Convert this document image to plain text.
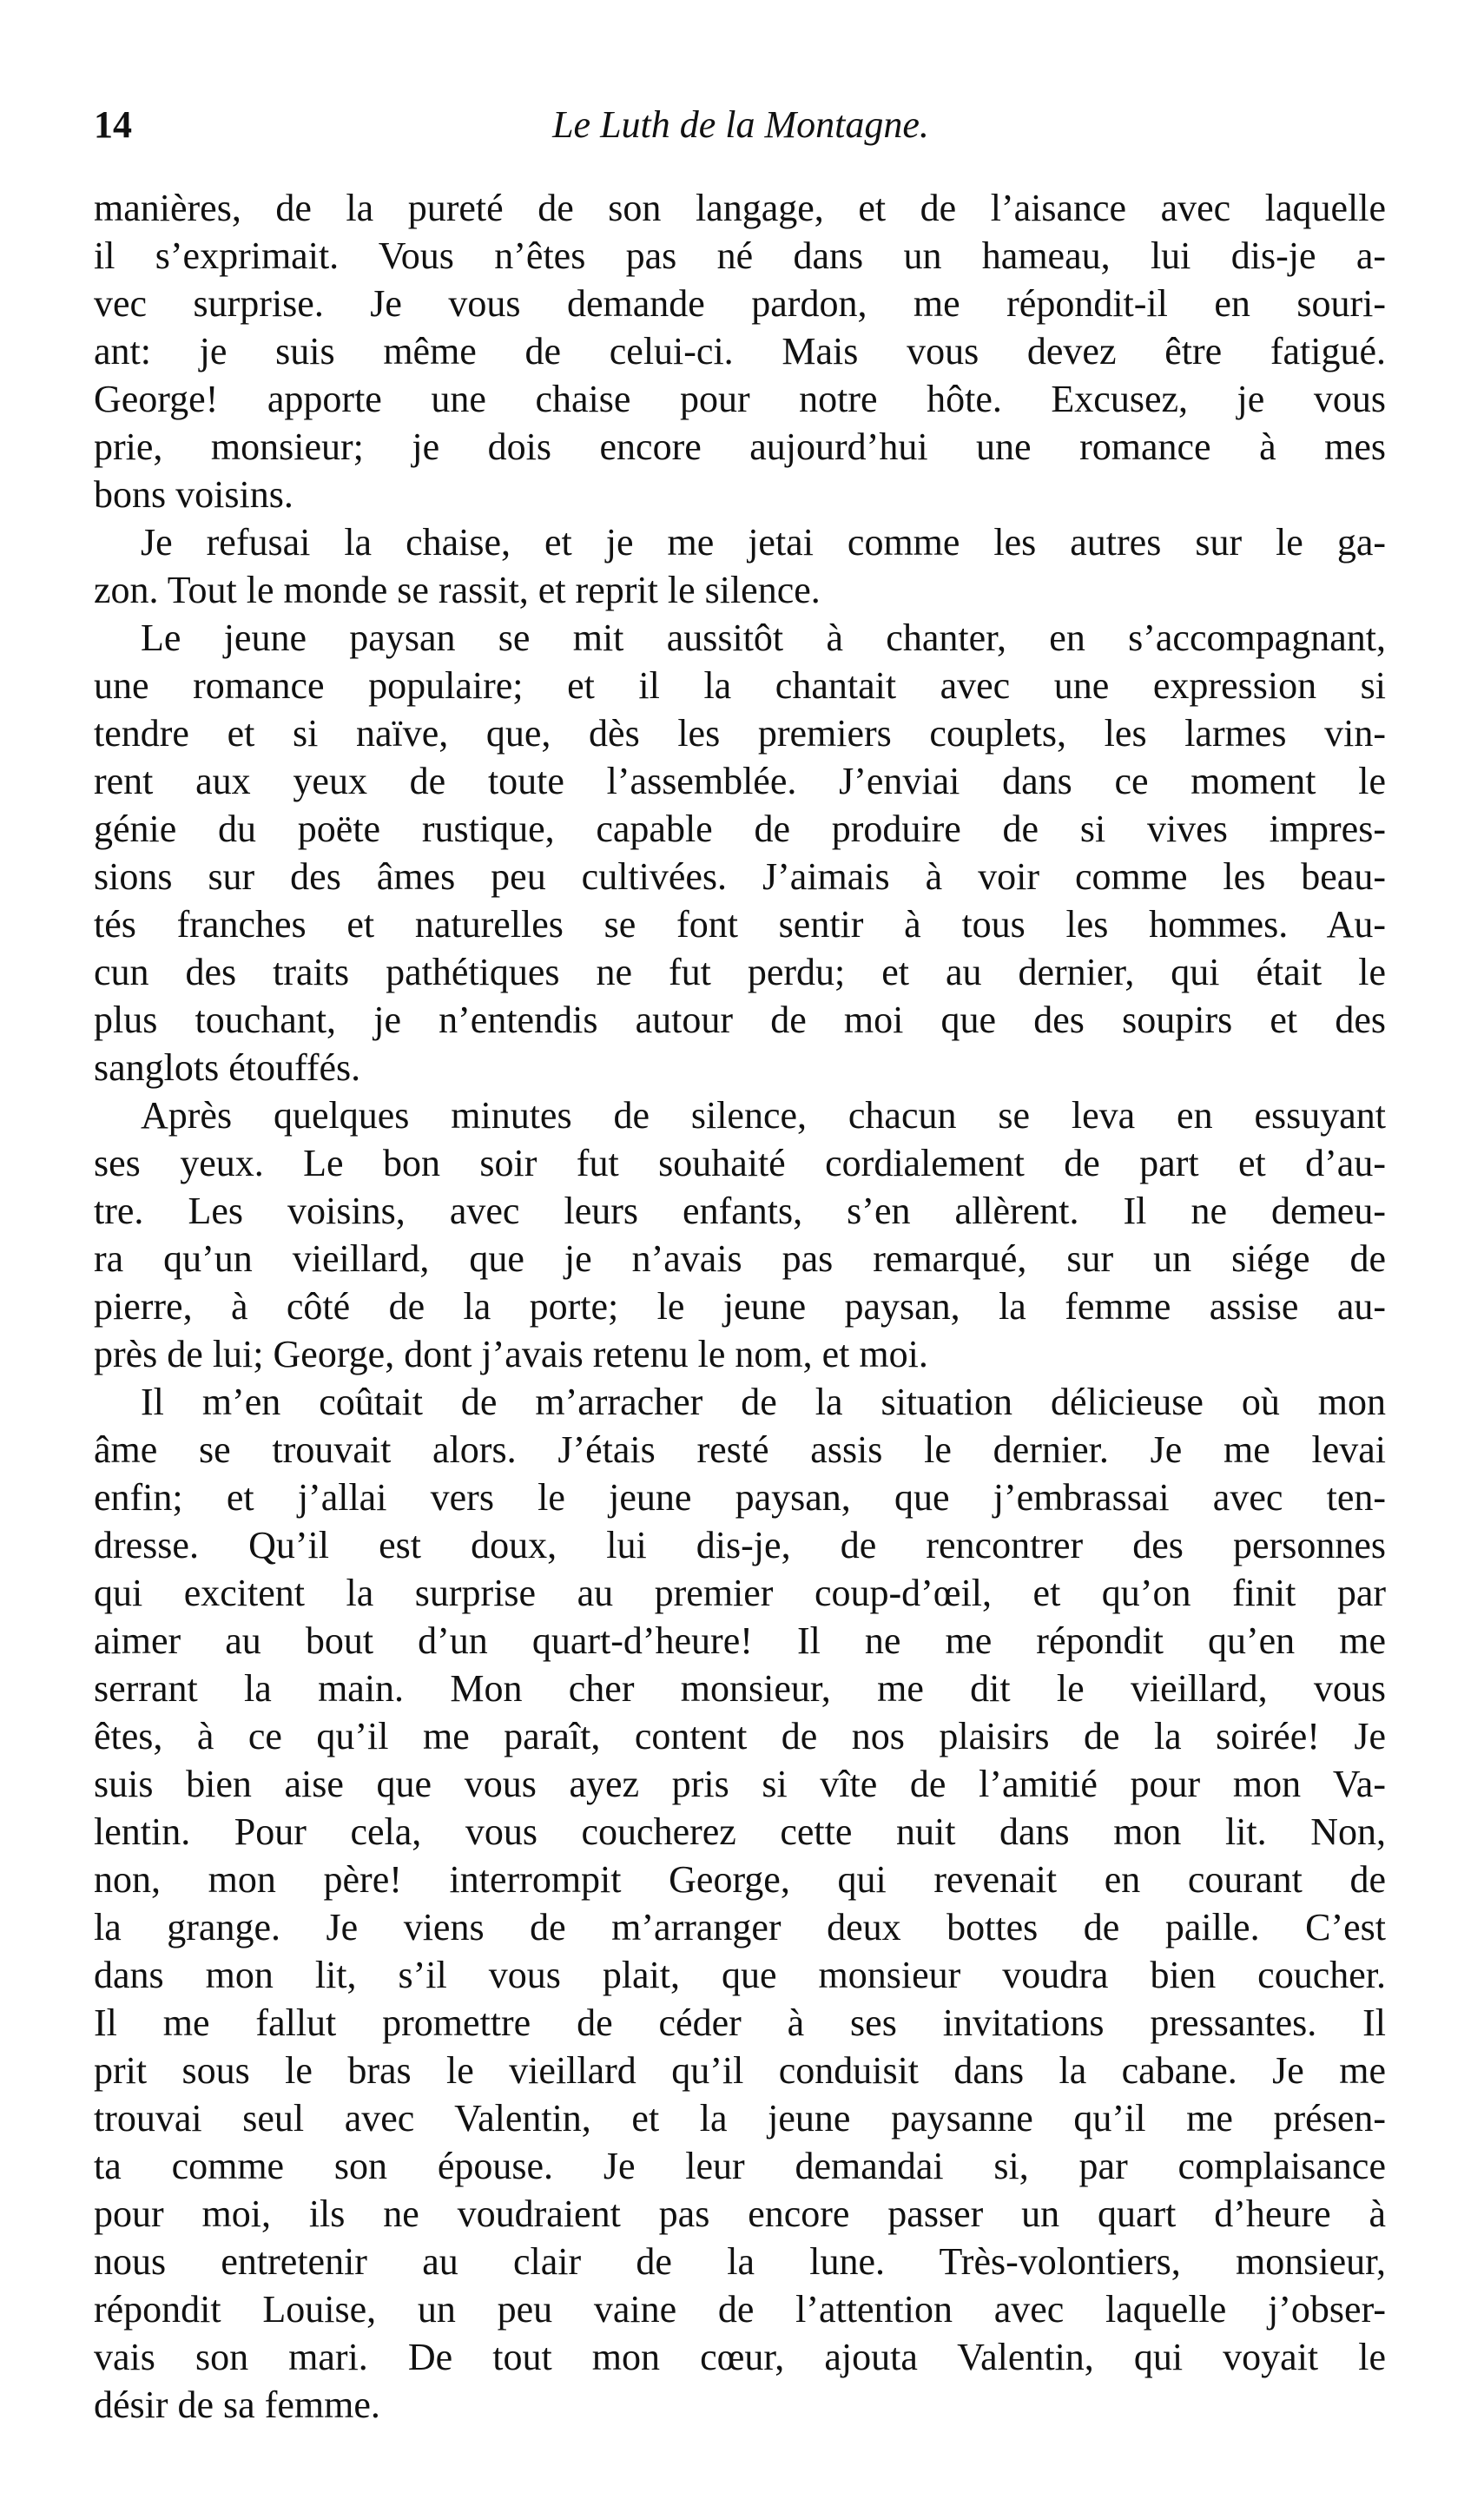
14	Le Luth de la Montagne.
manières, de la pureté de son langage, et de l’aisance avec laquelle
il s’exprimait. Vous n’êtes pas né dans un hameau, lui dis-je a-
vec surprise. Je vous demande pardon, me répondit-il en souri-
ant: je suis même de celui-ci. Mais vous devez être fatigué.
George! apporte une chaise pour notre hôte. Excusez, je vous
prie, monsieur; je dois encore aujourd’hui une romance à mes
bons voisins.
Je refusai la chaise, et je me jetai comme les autres sur le ga-
zon. Tout le monde se rassit, et reprit le silence.
Le jeune paysan se mit aussitôt à chanter, en s’accompagnant,
une romance populaire; et il la chantait avec une expression si
tendre et si naïve, que, dès les premiers couplets, les larmes vin-
rent aux yeux de toute l’assemblée. J’enviai dans ce moment le
génie du poëte rustique, capable de produire de si vives impres-
sions sur des âmes peu cultivées. J’aimais à voir comme les beau-
tés franches et naturelles se font sentir à tous les hommes. Au-
cun des traits pathétiques ne fut perdu; et au dernier, qui était le
plus touchant, je n’entendis autour de moi que des soupirs et des
sanglots étouffés.
Après quelques minutes de silence, chacun se leva en essuyant
ses yeux. Le bon soir fut souhaité cordialement de part et d’au-
tre. Les voisins, avec leurs enfants, s’en allèrent. Il ne demeu-
ra qu’un vieillard, que je n’avais pas remarqué, sur un siége de
pierre, à côté de la porte; le jeune paysan, la femme assise au-
près de lui; George, dont j’avais retenu le nom, et moi.
Il m’en coûtait de m’arracher de la situation délicieuse où mon
âme se trouvait alors. J’étais resté assis le dernier. Je me levai
enfin; et j’allai vers le jeune paysan, que j’embrassai avec ten-
dresse. Qu’il est doux, lui dis-je, de rencontrer des personnes
qui excitent la surprise au premier coup-d’œil, et qu’on finit par
aimer au bout d’un quart-d’heure! Il ne me répondit qu’en me
serrant la main. Mon cher monsieur, me dit le vieillard, vous
êtes, à ce qu’il me paraît, content de nos plaisirs de la soirée! Je
suis bien aise que vous ayez pris si vîte de l’amitié pour mon Va-
lentin. Pour cela, vous coucherez cette nuit dans mon lit. Non,
non, mon père! interrompit George, qui revenait en courant de
la grange. Je viens de m’arranger deux bottes de paille. C’est
dans mon lit, s’il vous plait, que monsieur voudra bien coucher.
Il me fallut promettre de céder à ses invitations pressantes. Il
prit sous le bras le vieillard qu’il conduisit dans la cabane. Je me
trouvai seul avec Valentin, et la jeune paysanne qu’il me présen-
ta comme son épouse. Je leur demandai si, par complaisance
pour moi, ils ne voudraient pas encore passer un quart d’heure à
nous entretenir au clair de la lune. Très-volontiers, monsieur,
répondit Louise, un peu vaine de l’attention avec laquelle j’obser-
vais son mari. De tout mon cœur, ajouta Valentin, qui voyait le
désir de sa femme.
